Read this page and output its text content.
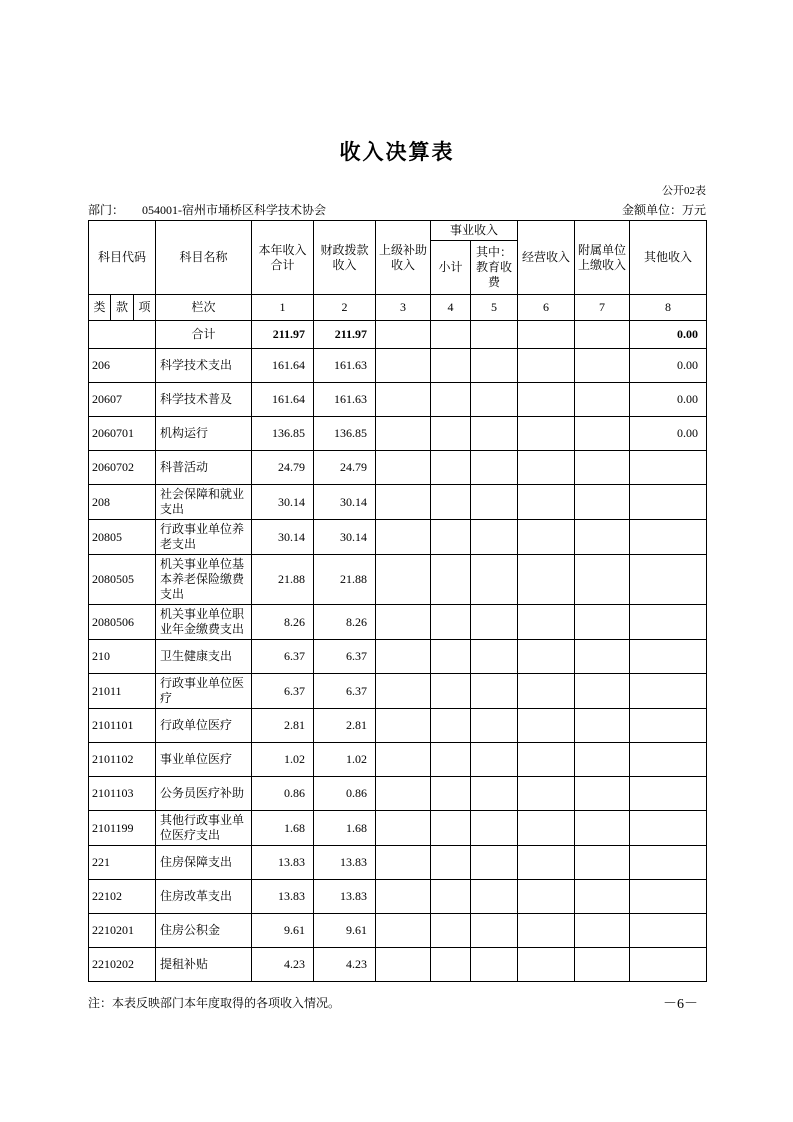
收入决算表
公开02表
部门： 054001-宿州市埇桥区科学技术协会	金额单位：万元
科目代码			科目名称	本年收入合计	财政拨款收入	上级补助收入	事业收入		经营收入	附属单位上缴收入	其他收入
							小计	其中：教育收费			
类	款	项	栏次	1	2	3	4	5	6	7	8
			合计	211.97	211.97						0.00
206			科学技术支出	161.64	161.63						0.00
20607			科学技术普及	161.64	161.63						0.00
2060701			机构运行	136.85	136.85						0.00
2060702			科普活动	24.79	24.79						
208			社会保障和就业支出	30.14	30.14						
20805			行政事业单位养老支出	30.14	30.14						
2080505			机关事业单位基本养老保险缴费支出	21.88	21.88						
2080506			机关事业单位职业年金缴费支出	8.26	8.26						
210			卫生健康支出	6.37	6.37						
21011			行政事业单位医疗	6.37	6.37						
2101101			行政单位医疗	2.81	2.81						
2101102			事业单位医疗	1.02	1.02						
2101103			公务员医疗补助	0.86	0.86						
2101199			其他行政事业单位医疗支出	1.68	1.68						
221			住房保障支出	13.83	13.83						
22102			住房改革支出	13.83	13.83						
2210201			住房公积金	9.61	9.61						
2210202			提租补贴	4.23	4.23						
注：本表反映部门本年度取得的各项收入情况。	－6－
